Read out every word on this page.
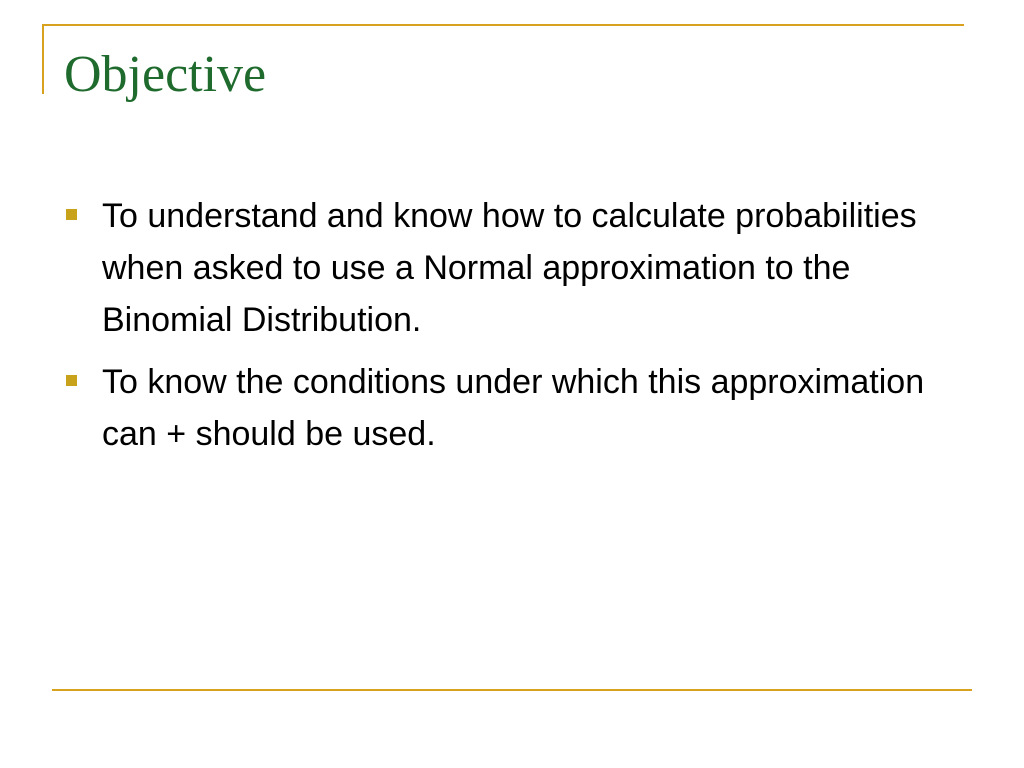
Objective
To understand and know how to calculate probabilities when asked to use a Normal approximation to the Binomial Distribution.
To know the conditions under which this approximation can + should be used.
